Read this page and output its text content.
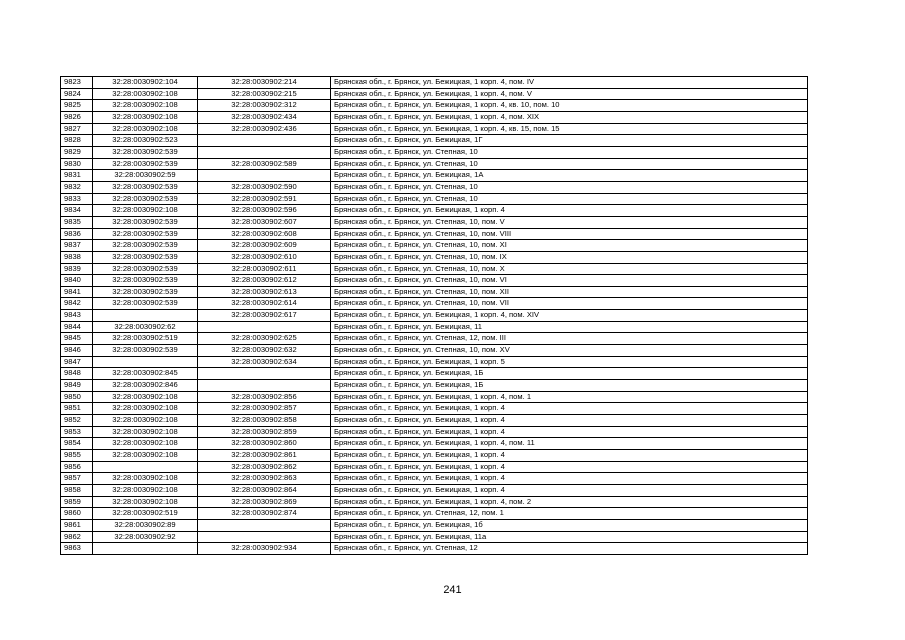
9823	32:28:0030902:104	32:28:0030902:214	Брянская обл., г. Брянск, ул. Бежицкая, 1 корп. 4, пом. IV
9824	32:28:0030902:108	32:28:0030902:215	Брянская обл., г. Брянск, ул. Бежицкая, 1 корп. 4, пом. V
9825	32:28:0030902:108	32:28:0030902:312	Брянская обл., г. Брянск, ул. Бежицкая, 1 корп. 4, кв. 10, пом. 10
9826	32:28:0030902:108	32:28:0030902:434	Брянская обл., г. Брянск, ул. Бежицкая, 1 корп. 4, пом. XIX
9827	32:28:0030902:108	32:28:0030902:436	Брянская обл., г. Брянск, ул. Бежицкая, 1 корп. 4, кв. 15, пом. 15
9828	32:28:0030902:523		Брянская обл., г. Брянск, ул. Бежицкая, 1Г
9829	32:28:0030902:539		Брянская обл., г. Брянск, ул. Степная, 10
9830	32:28:0030902:539	32:28:0030902:589	Брянская обл., г. Брянск, ул. Степная, 10
9831	32:28:0030902:59		Брянская обл., г. Брянск, ул. Бежицкая, 1А
9832	32:28:0030902:539	32:28:0030902:590	Брянская обл., г. Брянск, ул. Степная, 10
9833	32:28:0030902:539	32:28:0030902:591	Брянская обл., г. Брянск, ул. Степная, 10
9834	32:28:0030902:108	32:28:0030902:596	Брянская обл., г. Брянск, ул. Бежицкая, 1 корп. 4
9835	32:28:0030902:539	32:28:0030902:607	Брянская обл., г. Брянск, ул. Степная, 10, пом. V
9836	32:28:0030902:539	32:28:0030902:608	Брянская обл., г. Брянск, ул. Степная, 10, пом. VIII
9837	32:28:0030902:539	32:28:0030902:609	Брянская обл., г. Брянск, ул. Степная, 10, пом. XI
9838	32:28:0030902:539	32:28:0030902:610	Брянская обл., г. Брянск, ул. Степная, 10, пом. IX
9839	32:28:0030902:539	32:28:0030902:611	Брянская обл., г. Брянск, ул. Степная, 10, пом. X
9840	32:28:0030902:539	32:28:0030902:612	Брянская обл., г. Брянск, ул. Степная, 10, пом. VI
9841	32:28:0030902:539	32:28:0030902:613	Брянская обл., г. Брянск, ул. Степная, 10, пом. XII
9842	32:28:0030902:539	32:28:0030902:614	Брянская обл., г. Брянск, ул. Степная, 10, пом. VII
9843		32:28:0030902:617	Брянская обл., г. Брянск, ул. Бежицкая, 1 корп. 4, пом. XIV
9844	32:28:0030902:62		Брянская обл., г. Брянск, ул. Бежицкая, 11
9845	32:28:0030902:519	32:28:0030902:625	Брянская обл., г. Брянск, ул. Степная, 12, пом. III
9846	32:28:0030902:539	32:28:0030902:632	Брянская обл., г. Брянск, ул. Степная, 10, пом. XV
9847		32:28:0030902:634	Брянская обл., г. Брянск, ул. Бежицкая, 1 корп. 5
9848	32:28:0030902:845		Брянская обл., г. Брянск, ул. Бежицкая, 1Б
9849	32:28:0030902:846		Брянская обл., г. Брянск, ул. Бежицкая, 1Б
9850	32:28:0030902:108	32:28:0030902:856	Брянская обл., г. Брянск, ул. Бежицкая, 1 корп. 4, пом. 1
9851	32:28:0030902:108	32:28:0030902:857	Брянская обл., г. Брянск, ул. Бежицкая, 1 корп. 4
9852	32:28:0030902:108	32:28:0030902:858	Брянская обл., г. Брянск, ул. Бежицкая, 1 корп. 4
9853	32:28:0030902:108	32:28:0030902:859	Брянская обл., г. Брянск, ул. Бежицкая, 1 корп. 4
9854	32:28:0030902:108	32:28:0030902:860	Брянская обл., г. Брянск, ул. Бежицкая, 1 корп. 4, пом. 11
9855	32:28:0030902:108	32:28:0030902:861	Брянская обл., г. Брянск, ул. Бежицкая, 1 корп. 4
9856		32:28:0030902:862	Брянская обл., г. Брянск, ул. Бежицкая, 1 корп. 4
9857	32:28:0030902:108	32:28:0030902:863	Брянская обл., г. Брянск, ул. Бежицкая, 1 корп. 4
9858	32:28:0030902:108	32:28:0030902:864	Брянская обл., г. Брянск, ул. Бежицкая, 1 корп. 4
9859	32:28:0030902:108	32:28:0030902:869	Брянская обл., г. Брянск, ул. Бежицкая, 1 корп. 4, пом. 2
9860	32:28:0030902:519	32:28:0030902:874	Брянская обл., г. Брянск, ул. Степная, 12, пом. 1
9861	32:28:0030902:89		Брянская обл., г. Брянск, ул. Бежицкая, 1б
9862	32:28:0030902:92		Брянская обл., г. Брянск, ул. Бежицкая, 11а
9863		32:28:0030902:934	Брянская обл., г. Брянск, ул. Степная, 12
241
